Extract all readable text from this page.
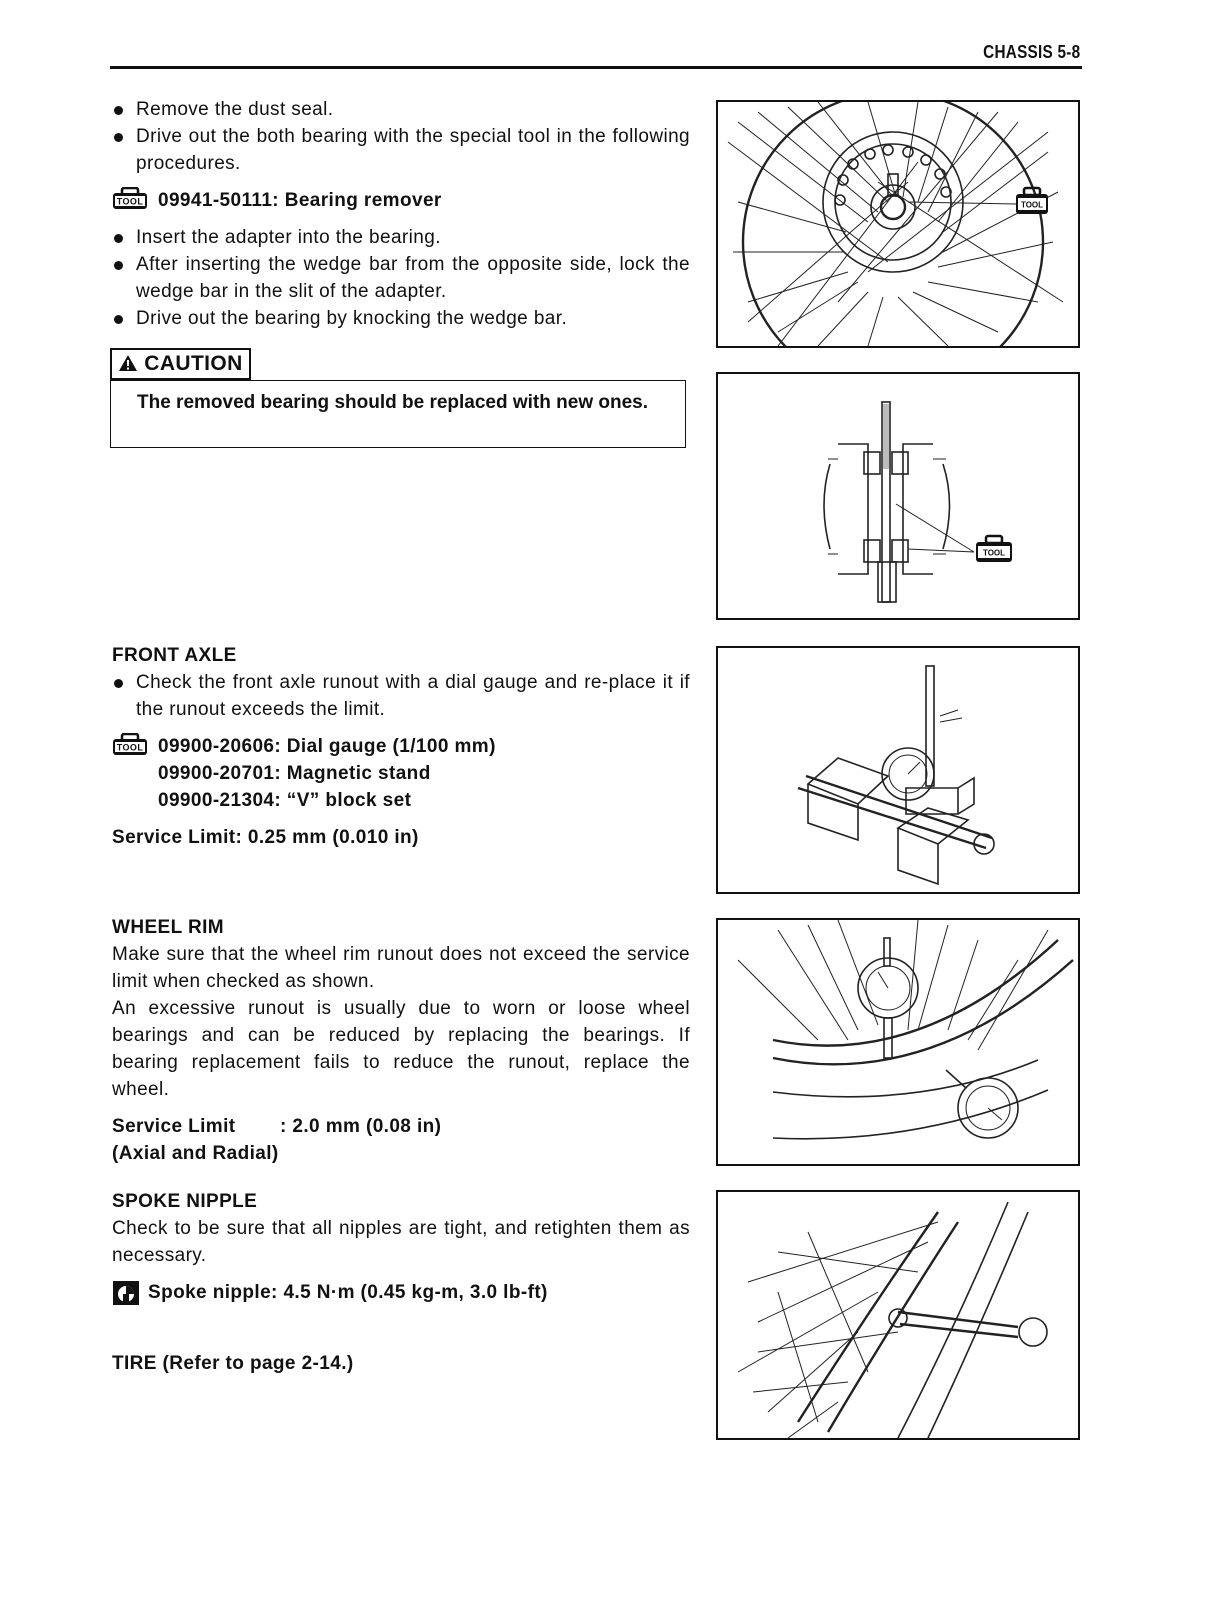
CHASSIS 5-8
Remove the dust seal.
Drive out the both bearing with the special tool in the following procedures.
TOOL 09941-50111: Bearing remover
Insert the adapter into the bearing.
After inserting the wedge bar from the opposite side, lock the wedge bar in the slit of the adapter.
Drive out the bearing by knocking the wedge bar.
CAUTION
The removed bearing should be replaced with new ones.
FRONT AXLE
Check the front axle runout with a dial gauge and re-place it if the runout exceeds the limit.
TOOL 09900-20606: Dial gauge (1/100 mm)
09900-20701: Magnetic stand
09900-21304: “V” block set
Service Limit: 0.25 mm (0.010 in)
WHEEL RIM
Make sure that the wheel rim runout does not exceed the service limit when checked as shown.
An excessive runout is usually due to worn or loose wheel bearings and can be reduced by replacing the bearings. If bearing replacement fails to reduce the runout, replace the wheel.
Service Limit : 2.0 mm (0.08 in)
(Axial and Radial)
SPOKE NIPPLE
Check to be sure that all nipples are tight, and retighten them as necessary.
Spoke nipple: 4.5 N·m (0.45 kg-m, 3.0 lb-ft)
TIRE (Refer to page 2-14.)
TOOL
TOOL
